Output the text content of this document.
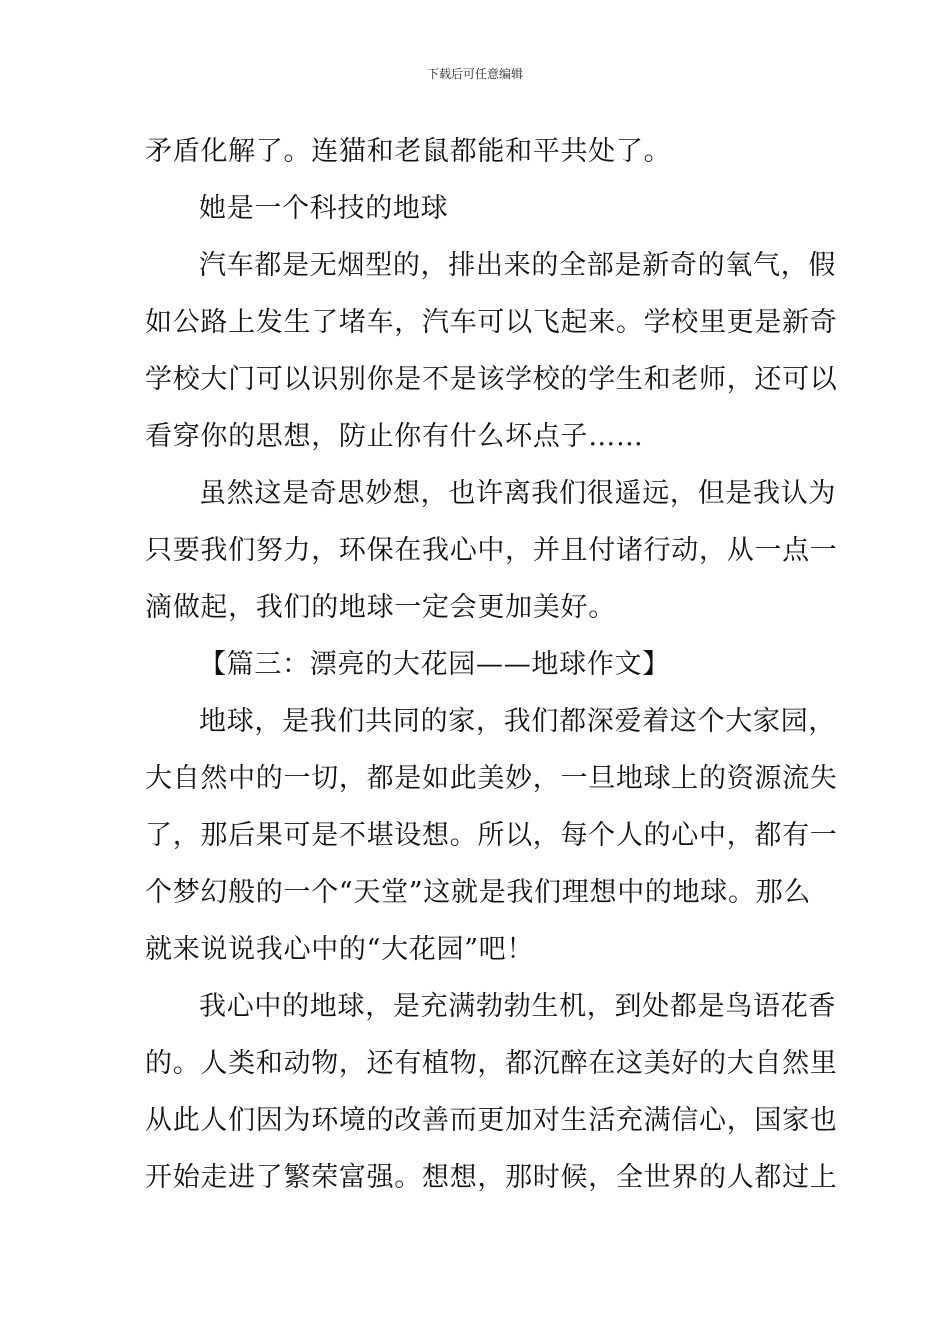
下载后可任意编辑
矛盾化解了。连猫和老鼠都能和平共处了。
她是一个科技的地球
汽车都是无烟型的，排出来的全部是新奇的氧气，假
如公路上发生了堵车，汽车可以飞起来。学校里更是新奇
学校大门可以识别你是不是该学校的学生和老师，还可以
看穿你的思想，防止你有什么坏点子……
虽然这是奇思妙想，也许离我们很遥远，但是我认为
只要我们努力，环保在我心中，并且付诸行动，从一点一
滴做起，我们的地球一定会更加美好。
【篇三：漂亮的大花园——地球作文】
地球，是我们共同的家，我们都深爱着这个大家园，
大自然中的一切，都是如此美妙，一旦地球上的资源流失
了，那后果可是不堪设想。所以，每个人的心中，都有一
个梦幻般的一个“天堂”这就是我们理想中的地球。那么
就来说说我心中的“大花园”吧！
我心中的地球，是充满勃勃生机，到处都是鸟语花香
的。人类和动物，还有植物，都沉醉在这美好的大自然里
从此人们因为环境的改善而更加对生活充满信心，国家也
开始走进了繁荣富强。想想，那时候，全世界的人都过上
